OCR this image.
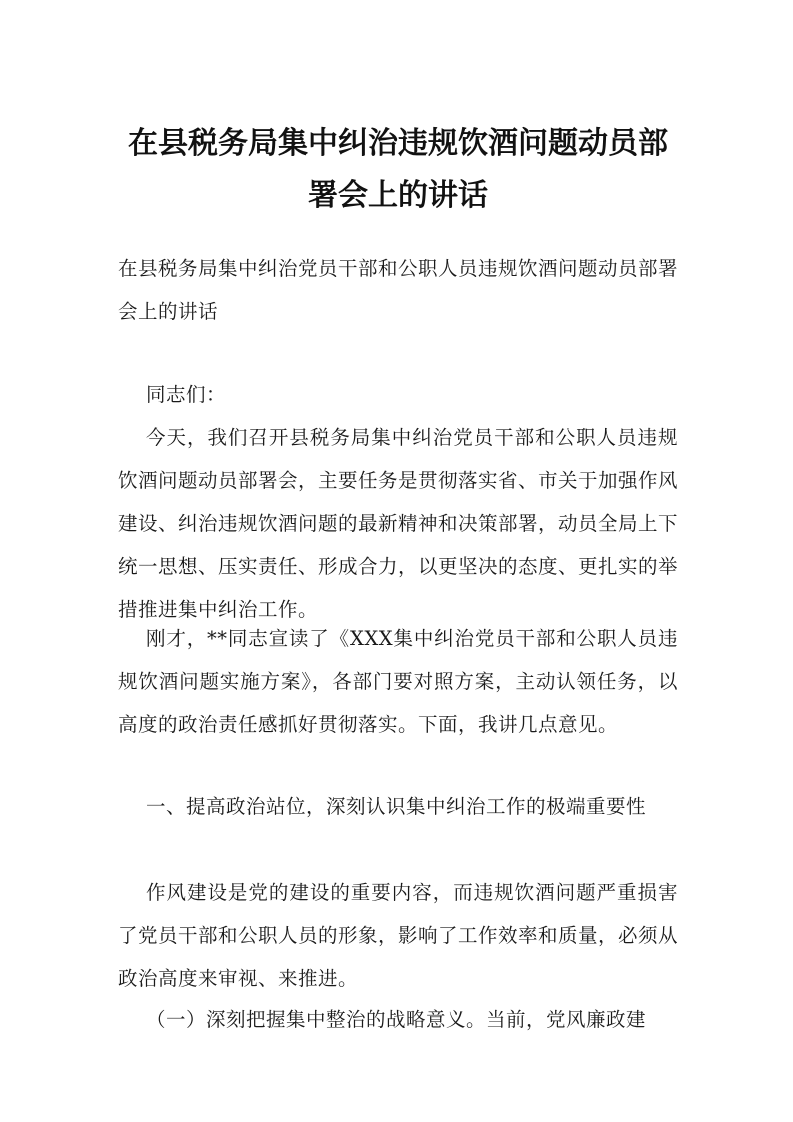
在县税务局集中纠治违规饮酒问题动员部
署会上的讲话

在县税务局集中纠治党员干部和公职人员违规饮酒问题动员部署会上的讲话

同志们：

今天，我们召开县税务局集中纠治党员干部和公职人员违规饮酒问题动员部署会，主要任务是贯彻落实省、市关于加强作风建设、纠治违规饮酒问题的最新精神和决策部署，动员全局上下统一思想、压实责任、形成合力，以更坚决的态度、更扎实的举措推进集中纠治工作。

刚才，**同志宣读了《XXX集中纠治党员干部和公职人员违规饮酒问题实施方案》，各部门要对照方案，主动认领任务，以高度的政治责任感抓好贯彻落实。下面，我讲几点意见。

一、提高政治站位，深刻认识集中纠治工作的极端重要性

作风建设是党的建设的重要内容，而违规饮酒问题严重损害了党员干部和公职人员的形象，影响了工作效率和质量，必须从政治高度来审视、来推进。

（一）深刻把握集中整治的战略意义。当前，党风廉政建
